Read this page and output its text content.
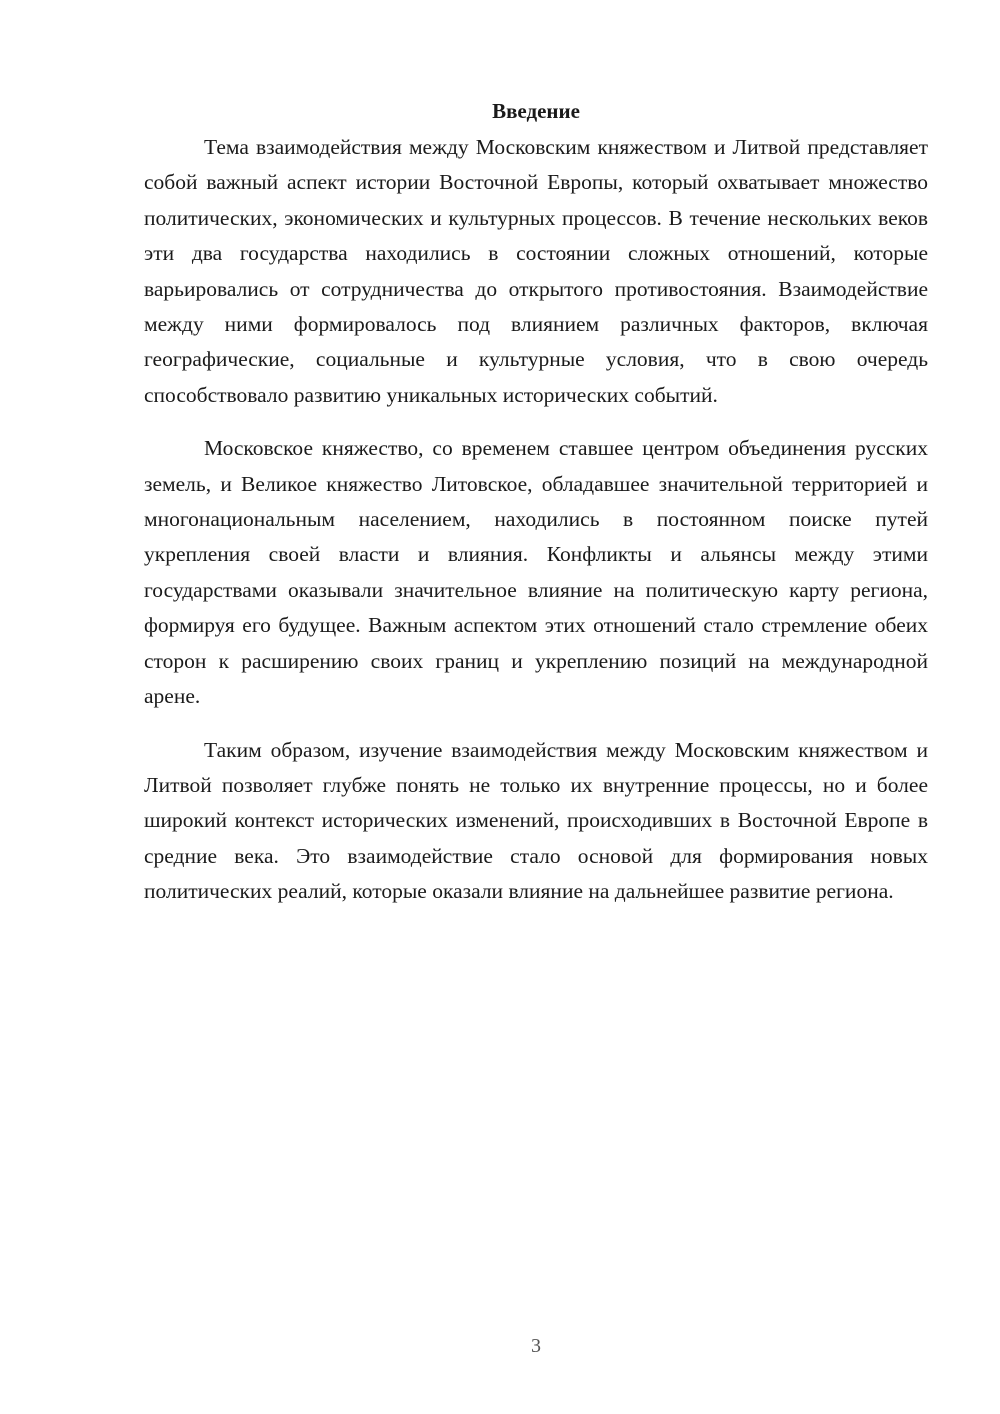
Введение

Тема взаимодействия между Московским княжеством и Литвой представляет собой важный аспект истории Восточной Европы, который охватывает множество политических, экономических и культурных процессов. В течение нескольких веков эти два государства находились в состоянии сложных отношений, которые варьировались от сотрудничества до открытого противостояния. Взаимодействие между ними формировалось под влиянием различных факторов, включая географические, социальные и культурные условия, что в свою очередь способствовало развитию уникальных исторических событий.

Московское княжество, со временем ставшее центром объединения русских земель, и Великое княжество Литовское, обладавшее значительной территорией и многонациональным населением, находились в постоянном поиске путей укрепления своей власти и влияния. Конфликты и альянсы между этими государствами оказывали значительное влияние на политическую карту региона, формируя его будущее. Важным аспектом этих отношений стало стремление обеих сторон к расширению своих границ и укреплению позиций на международной арене.

Таким образом, изучение взаимодействия между Московским княжеством и Литвой позволяет глубже понять не только их внутренние процессы, но и более широкий контекст исторических изменений, происходивших в Восточной Европе в средние века. Это взаимодействие стало основой для формирования новых политических реалий, которые оказали влияние на дальнейшее развитие региона.

3
